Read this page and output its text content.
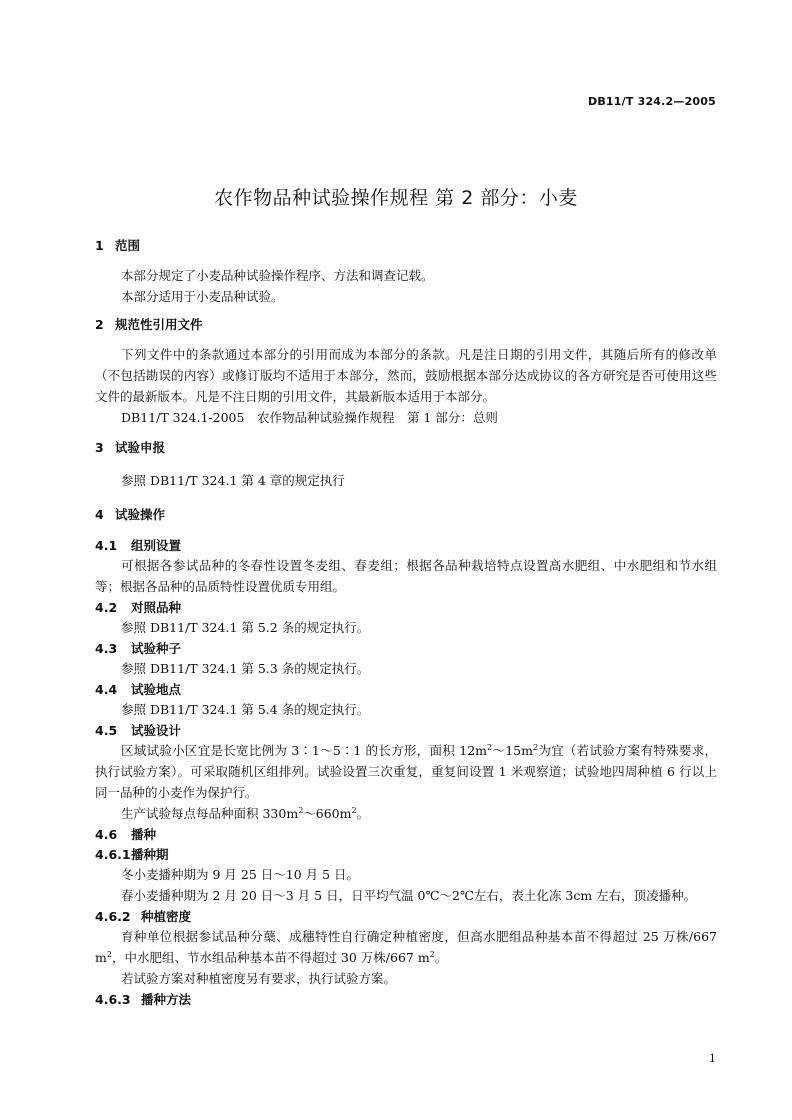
DB11/T 324.2—2005
农作物品种试验操作规程 第 2 部分：小麦
1 范围

本部分规定了小麦品种试验操作程序、方法和调查记载。

本部分适用于小麦品种试验。

2 规范性引用文件

下列文件中的条款通过本部分的引用而成为本部分的条款。凡是注日期的引用文件，其随后所有的修改单（不包括勘误的内容）或修订版均不适用于本部分，然而，鼓励根据本部分达成协议的各方研究是否可使用这些文件的最新版本。凡是不注日期的引用文件，其最新版本适用于本部分。

DB11/T 324.1-2005　农作物品种试验操作规程　第 1 部分：总则

3 试验申报

参照 DB11/T 324.1 第 4 章的规定执行

4 试验操作
4.1	组别设置

可根据各参试品种的冬春性设置冬麦组、春麦组；根据各品种栽培特点设置高水肥组、中水肥组和节水组等；根据各品种的品质特性设置优质专用组。

4.2	对照品种

参照 DB11/T 324.1 第 5.2 条的规定执行。

4.3	试验种子

参照 DB11/T 324.1 第 5.3 条的规定执行。

4.4	试验地点

参照 DB11/T 324.1 第 5.4 条的规定执行。

4.5	试验设计

区域试验小区宜是长宽比例为 3∶1～5∶1 的长方形，面积 $12m^2\sim 15m^2$为宜（若试验方案有特殊要求，执行试验方案）。可采取随机区组排列。试验设置三次重复，重复间设置 1 米观察道；试验地四周种植 6 行以上同一品种的小麦作为保护行。

生产试验每点每品种面积 $330m^2\sim 660m^2$。

4.6	播种
4.6.1 播种期

冬小麦播种期为 9 月 25 日～10 月 5 日。

春小麦播种期为 2 月 20 日～3 月 5 日，日平均气温 0℃～2℃左右，表土化冻 3cm 左右，顶凌播种。

4.6.2 种植密度

育种单位根据参试品种分蘖、成穗特性自行确定种植密度，但高水肥组品种基本苗不得超过 25 万株/667 $m^2$，中水肥组、节水组品种基本苗不得超过 30 万株/667 $m^2$。

若试验方案对种植密度另有要求，执行试验方案。

4.6.3 播种方法
1
